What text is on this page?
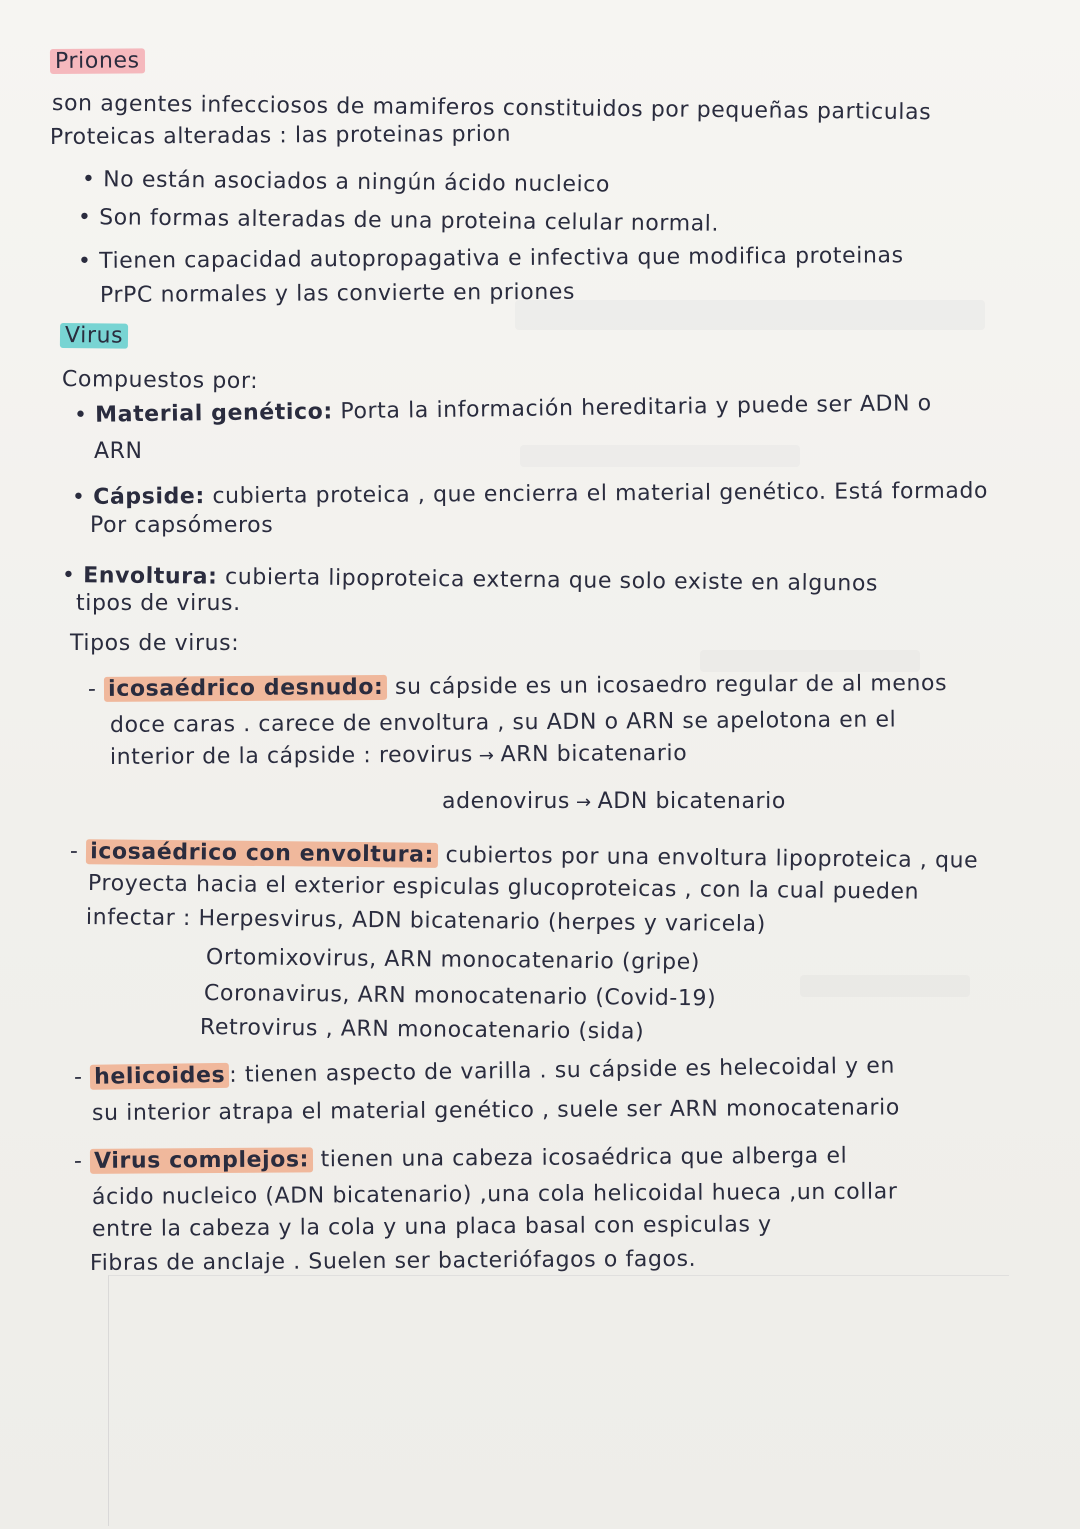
Priones
son agentes infecciosos de mamiferos constituidos por pequeñas particulas
Proteicas alteradas : las proteinas prion
• No están asociados a ningún ácido nucleico
• Son formas alteradas de una proteina celular normal.
• Tienen capacidad autopropagativa e infectiva que modifica proteinas
PrPC normales y las convierte en priones
Virus
Compuestos por:
• Material genético: Porta la información hereditaria y puede ser ADN o
ARN
• Cápside: cubierta proteica , que encierra el material genético. Está formado
Por capsómeros
• Envoltura: cubierta lipoproteica externa que solo existe en algunos
tipos de virus.
Tipos de virus:
- icosaédrico desnudo: su cápside es un icosaedro regular de al menos
doce caras . carece de envoltura , su ADN o ARN se apelotona en el
interior de la cápside : reovirus → ARN bicatenario
adenovirus → ADN bicatenario
- icosaédrico con envoltura: cubiertos por una envoltura lipoproteica , que
Proyecta hacia el exterior espiculas glucoproteicas , con la cual pueden
infectar : Herpesvirus, ADN bicatenario (herpes y varicela)
Ortomixovirus, ARN monocatenario (gripe)
Coronavirus, ARN monocatenario (Covid-19)
Retrovirus , ARN monocatenario (sida)
- helicoides : tienen aspecto de varilla . su cápside es helecoidal y en
su interior atrapa el material genético , suele ser ARN monocatenario
- Virus complejos: tienen una cabeza icosaédrica que alberga el
ácido nucleico (ADN bicatenario) ,una cola helicoidal hueca ,un collar
entre la cabeza y la cola y una placa basal con espiculas y
Fibras de anclaje . Suelen ser bacteriófagos o fagos.
